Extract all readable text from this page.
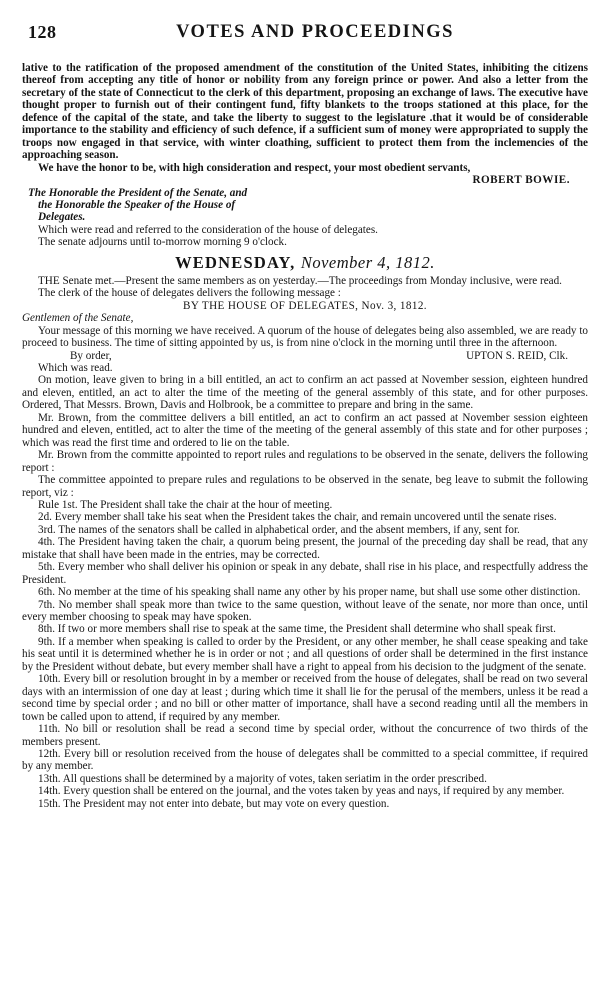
128	VOTES AND PROCEEDINGS

lative to the ratification of the proposed amendment of the constitution of the United States, inhibiting the citizens thereof from accepting any title of honor or nobility from any foreign prince or power. And also a letter from the secretary of the state of Connecticut to the clerk of this department, proposing an exchange of laws. The executive have thought proper to furnish out of their contingent fund, fifty blankets to the troops stationed at this place, for the defence of the capital of the state, and take the liberty to suggest to the legislature .that it would be of considerable importance to the stability and efficiency of such defence, if a sufficient sum of money were appropriated to supply the troops now engaged in that service, with winter cloathing, sufficient to protect them from the inclemencies of the approaching season.

We have the honor to be, with high consideration and respect, your most obedient servants,

ROBERT BOWIE.

The Honorable the President of the Senate, and

the Honorable the Speaker of the House of

Delegates.

Which were read and referred to the consideration of the house of delegates.

The senate adjourns until to-morrow morning 9 o'clock.

WEDNESDAY, November 4, 1812.

THE Senate met.—Present the same members as on yesterday.—The proceedings from Monday inclusive, were read.

The clerk of the house of delegates delivers the following message :

BY THE HOUSE OF DELEGATES, Nov. 3, 1812.

Gentlemen of the Senate,

Your message of this morning we have received. A quorum of the house of delegates being also assembled, we are ready to proceed to business. The time of sitting appointed by us, is from nine o'clock in the morning until three in the afternoon.

By order,	UPTON S. REID, Clk.

Which was read.

On motion, leave given to bring in a bill entitled, an act to confirm an act passed at November session, eighteen hundred and eleven, entitled, an act to alter the time of the meeting of the general assembly of this state, and for other purposes. Ordered, That Messrs. Brown, Davis and Holbrook, be a committee to prepare and bring in the same.

Mr. Brown, from the committee delivers a bill entitled, an act to confirm an act passed at November session eighteen hundred and eleven, entitled, act to alter the time of the meeting of the general assembly of this state and for other purposes ; which was read the first time and ordered to lie on the table.

Mr. Brown from the committe appointed to report rules and regulations to be observed in the senate, delivers the following report :

The committee appointed to prepare rules and regulations to be observed in the senate, beg leave to submit the following report, viz :

Rule 1st. The President shall take the chair at the hour of meeting.

2d. Every member shall take his seat when the President takes the chair, and remain uncovered until the senate rises.

3rd. The names of the senators shall be called in alphabetical order, and the absent members, if any, sent for.

4th. The President having taken the chair, a quorum being present, the journal of the preceding day shall be read, that any mistake that shall have been made in the entries, may be corrected.

5th. Every member who shall deliver his opinion or speak in any debate, shall rise in his place, and respectfully address the President.

6th. No member at the time of his speaking shall name any other by his proper name, but shall use some other distinction.

7th. No member shall speak more than twice to the same question, without leave of the senate, nor more than once, until every member choosing to speak may have spoken.

8th. If two or more members shall rise to speak at the same time, the President shall determine who shall speak first.

9th. If a member when speaking is called to order by the President, or any other member, he shall cease speaking and take his seat until it is determined whether he is in order or not ; and all questions of order shall be determined in the first instance by the President without debate, but every member shall have a right to appeal from his decision to the judgment of the senate.

10th. Every bill or resolution brought in by a member or received from the house of delegates, shall be read on two several days with an intermission of one day at least ; during which time it shall lie for the perusal of the members, unless it be read a second time by special order ; and no bill or other matter of importance, shall have a second reading until all the members in town be called upon to attend, if required by any member.

11th. No bill or resolution shall be read a second time by special order, without the concurrence of two thirds of the members present.

12th. Every bill or resolution received from the house of delegates shall be committed to a special committee, if required by any member.

13th. All questions shall be determined by a majority of votes, taken seriatim in the order prescribed.

14th. Every question shall be entered on the journal, and the votes taken by yeas and nays, if required by any member.

15th. The President may not enter into debate, but may vote on every question.
